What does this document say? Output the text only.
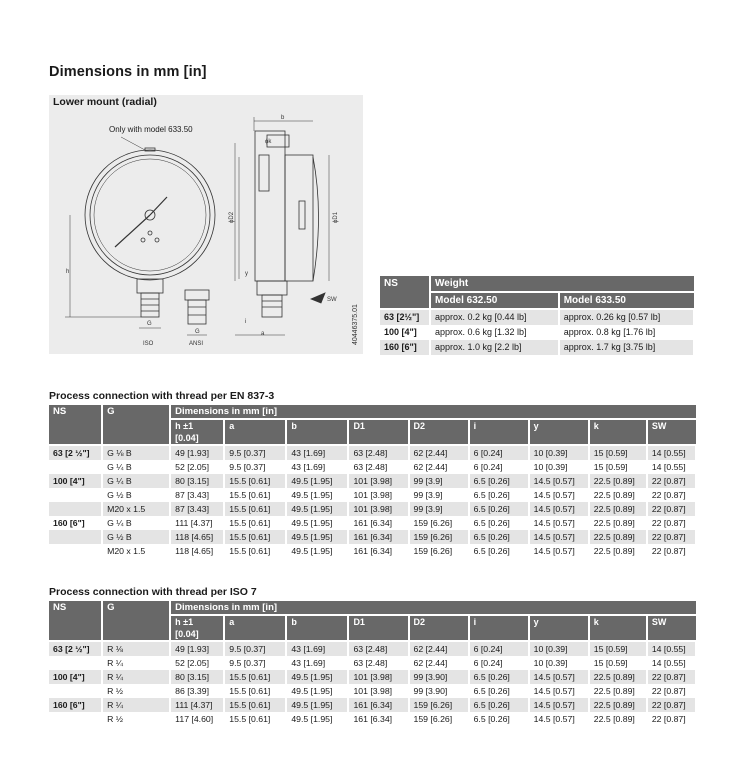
Dimensions in mm [in]
Lower mount (radial)
Only with model 633.50
b
ϕk
ϕD2	ϕD1
h
SW
i
y
a
G
ISO
G
ANSI	40446375.01
NS	Weight	
	Model 632.50	Model 633.50
63 [2½"]	approx. 0.2 kg [0.44 lb]	approx. 0.26 kg [0.57 lb]
100 [4"]	approx. 0.6 kg [1.32 lb]	approx. 0.8 kg [1.76 lb]
160 [6"]	approx. 1.0 kg [2.2 lb]	approx. 1.7 kg [3.75 lb]
Process connection with thread per EN 837-3
NS	G	Dimensions in mm [in]								
		h ±1
[0.04]	a	b	D1	D2	i	y	k	SW
63 [2 ½"]	G ⅛ B	49 [1.93]	9.5 [0.37]	43 [1.69]	63 [2.48]	62 [2.44]	6 [0.24]	10 [0.39]	15 [0.59]	14 [0.55]
	G ¼ B	52 [2.05]	9.5 [0.37]	43 [1.69]	63 [2.48]	62 [2.44]	6 [0.24]	10 [0.39]	15 [0.59]	14 [0.55]
100 [4"]	G ¼ B	80 [3.15]	15.5 [0.61]	49.5 [1.95]	101 [3.98]	99 [3.9]	6.5 [0.26]	14.5 [0.57]	22.5 [0.89]	22 [0.87]
	G ½ B	87 [3.43]	15.5 [0.61]	49.5 [1.95]	101 [3.98]	99 [3.9]	6.5 [0.26]	14.5 [0.57]	22.5 [0.89]	22 [0.87]
	M20 x 1.5	87 [3.43]	15.5 [0.61]	49.5 [1.95]	101 [3.98]	99 [3.9]	6.5 [0.26]	14.5 [0.57]	22.5 [0.89]	22 [0.87]
160 [6"]	G ¼ B	111 [4.37]	15.5 [0.61]	49.5 [1.95]	161 [6.34]	159 [6.26]	6.5 [0.26]	14.5 [0.57]	22.5 [0.89]	22 [0.87]
	G ½ B	118 [4.65]	15.5 [0.61]	49.5 [1.95]	161 [6.34]	159 [6.26]	6.5 [0.26]	14.5 [0.57]	22.5 [0.89]	22 [0.87]
	M20 x 1.5	118 [4.65]	15.5 [0.61]	49.5 [1.95]	161 [6.34]	159 [6.26]	6.5 [0.26]	14.5 [0.57]	22.5 [0.89]	22 [0.87]
Process connection with thread per ISO 7
NS	G	Dimensions in mm [in]								
		h ±1
[0.04]	a	b	D1	D2	i	y	k	SW
63 [2 ½"]	R ⅛	49 [1.93]	9.5 [0.37]	43 [1.69]	63 [2.48]	62 [2.44]	6 [0.24]	10 [0.39]	15 [0.59]	14 [0.55]
	R ¼	52 [2.05]	9.5 [0.37]	43 [1.69]	63 [2.48]	62 [2.44]	6 [0.24]	10 [0.39]	15 [0.59]	14 [0.55]
100 [4"]	R ¼	80 [3.15]	15.5 [0.61]	49.5 [1.95]	101 [3.98]	99 [3.90]	6.5 [0.26]	14.5 [0.57]	22.5 [0.89]	22 [0.87]
	R ½	86 [3.39]	15.5 [0.61]	49.5 [1.95]	101 [3.98]	99 [3.90]	6.5 [0.26]	14.5 [0.57]	22.5 [0.89]	22 [0.87]
160 [6"]	R ¼	111 [4.37]	15.5 [0.61]	49.5 [1.95]	161 [6.34]	159 [6.26]	6.5 [0.26]	14.5 [0.57]	22.5 [0.89]	22 [0.87]
	R ½	117 [4.60]	15.5 [0.61]	49.5 [1.95]	161 [6.34]	159 [6.26]	6.5 [0.26]	14.5 [0.57]	22.5 [0.89]	22 [0.87]
